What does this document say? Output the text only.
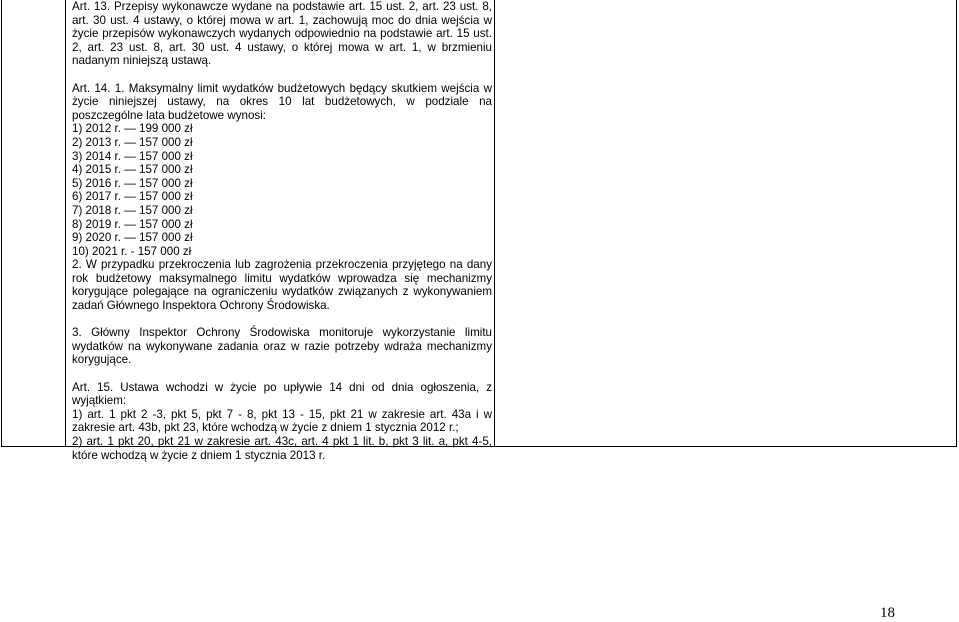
Art. 13. Przepisy wykonawcze wydane na podstawie art. 15 ust. 2, art. 23 ust. 8, art. 30 ust. 4 ustawy, o której mowa w art. 1, zachowują moc do dnia wejścia w życie przepisów wykonawczych wydanych odpowiednio na podstawie art. 15 ust. 2, art. 23 ust. 8, art. 30 ust. 4 ustawy, o której mowa w art. 1, w brzmieniu nadanym niniejszą ustawą.

Art. 14. 1. Maksymalny limit wydatków budżetowych będący skutkiem wejścia w życie niniejszej ustawy, na okres 10 lat budżetowych, w podziale na poszczególne lata budżetowe wynosi:

1) 2012 r. — 199 000 zł

2) 2013 r. — 157 000 zł

3) 2014 r. — 157 000 zł

4) 2015 r. — 157 000 zł

5) 2016 r. — 157 000 zł

6) 2017 r. — 157 000 zł

7) 2018 r. — 157 000 zł

8) 2019 r. — 157 000 zł

9) 2020 r. — 157 000 zł

10) 2021 r. - 157 000 zł

2. W przypadku przekroczenia lub zagrożenia przekroczenia przyjętego na dany rok budżetowy maksymalnego limitu wydatków wprowadza się mechanizmy korygujące polegające na ograniczeniu wydatków związanych z wykonywaniem zadań Głównego Inspektora Ochrony Środowiska.

3. Główny Inspektor Ochrony Środowiska monitoruje wykorzystanie limitu wydatków na wykonywane zadania oraz w razie potrzeby wdraża mechanizmy korygujące.

Art. 15. Ustawa wchodzi w życie po upływie 14 dni od dnia ogłoszenia, z wyjątkiem:

1) art. 1 pkt 2 -3, pkt 5, pkt 7 - 8, pkt 13 - 15, pkt 21 w zakresie art. 43a i w zakresie art. 43b, pkt 23, które wchodzą w życie z dniem 1 stycznia 2012 r.;

2) art. 1 pkt 20, pkt 21 w zakresie art. 43c, art. 4 pkt 1 lit. b, pkt 3 lit. a, pkt 4-5, które wchodzą w życie z dniem 1 stycznia 2013 r.

18
